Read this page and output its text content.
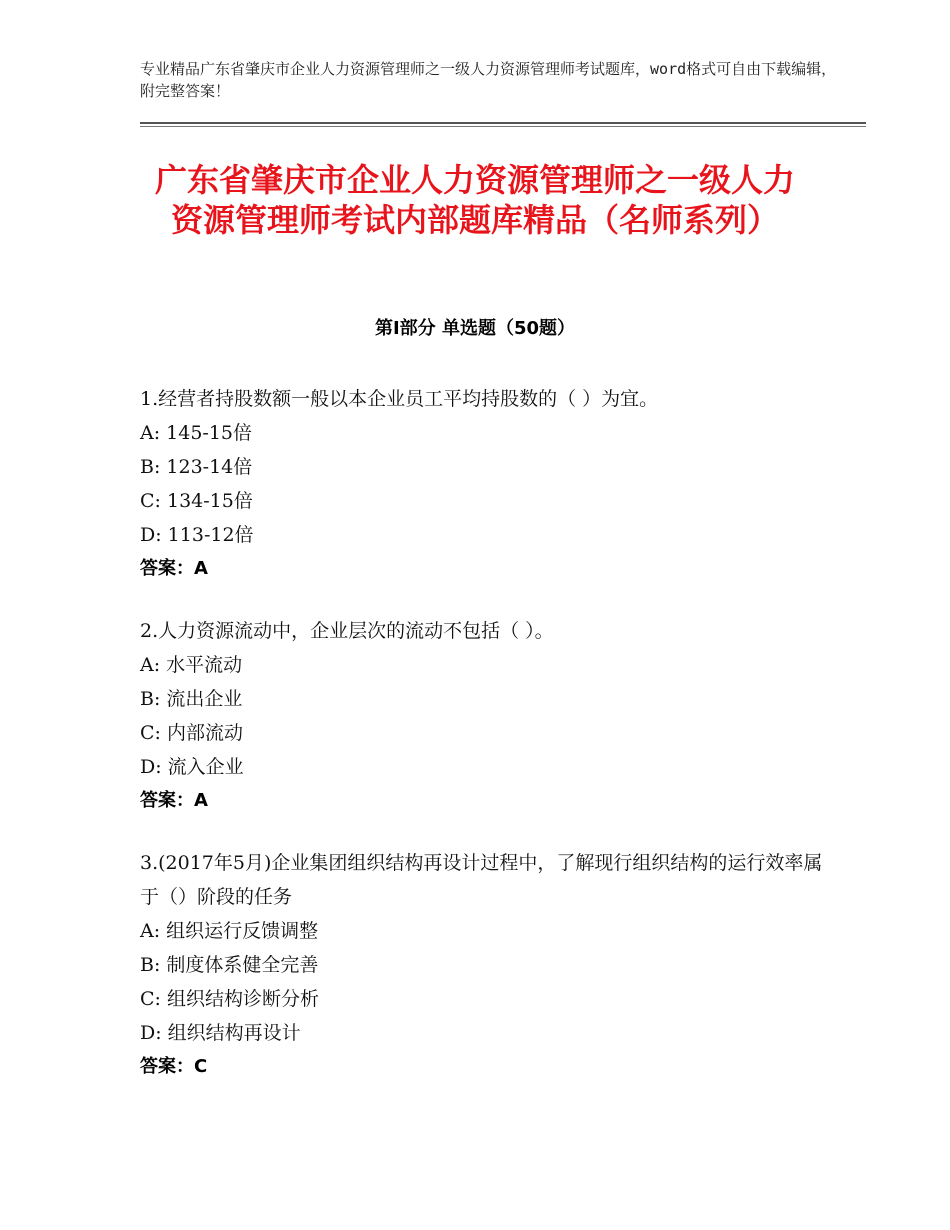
专业精品广东省肇庆市企业人力资源管理师之一级人力资源管理师考试题库，word格式可自由下载编辑，附完整答案！
广东省肇庆市企业人力资源管理师之一级人力资源管理师考试内部题库精品（名师系列）
第Ⅰ部分 单选题（50题）
1.经营者持股数额一般以本企业员工平均持股数的（ ）为宜。
A: 145-15倍
B: 123-14倍
C: 134-15倍
D: 113-12倍
答案：A
2.人力资源流动中，企业层次的流动不包括（ ）。
A: 水平流动
B: 流出企业
C: 内部流动
D: 流入企业
答案：A
3.(2017年5月)企业集团组织结构再设计过程中，了解现行组织结构的运行效率属于（）阶段的任务
A: 组织运行反馈调整
B: 制度体系健全完善
C: 组织结构诊断分析
D: 组织结构再设计
答案：C
